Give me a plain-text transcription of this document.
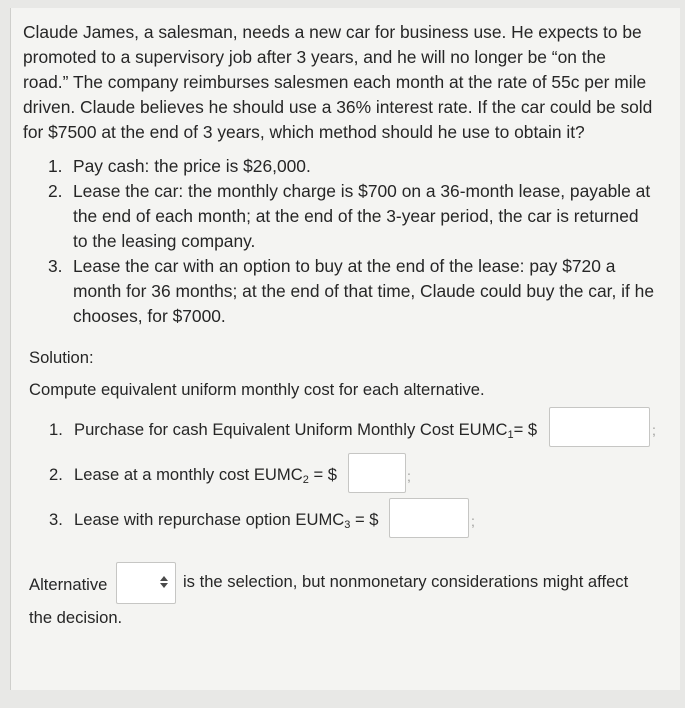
Claude James, a salesman, needs a new car for business use. He expects to be
promoted to a supervisory job after 3 years, and he will no longer be “on the
road.” The company reimburses salesmen each month at the rate of 55c per mile
driven. Claude believes he should use a 36% interest rate. If the car could be sold
for $7500 at the end of 3 years, which method should he use to obtain it?
1. Pay cash: the price is $26,000.
2. Lease the car: the monthly charge is $700 on a 36-month lease, payable at
the end of each month; at the end of the 3-year period, the car is returned
to the leasing company.
3. Lease the car with an option to buy at the end of the lease: pay $720 a
month for 36 months; at the end of that time, Claude could buy the car, if he
chooses, for $7000.
Solution:
Compute equivalent uniform monthly cost for each alternative.
1. Purchase for cash Equivalent Uniform Monthly Cost $EUMC_1=$ $	;
2. Lease at a monthly cost $EUMC_2$ = $	;
3. Lease with repurchase option $EUMC_3$ = $	;
Alternative	is the selection, but nonmonetary considerations might affect
the decision.
